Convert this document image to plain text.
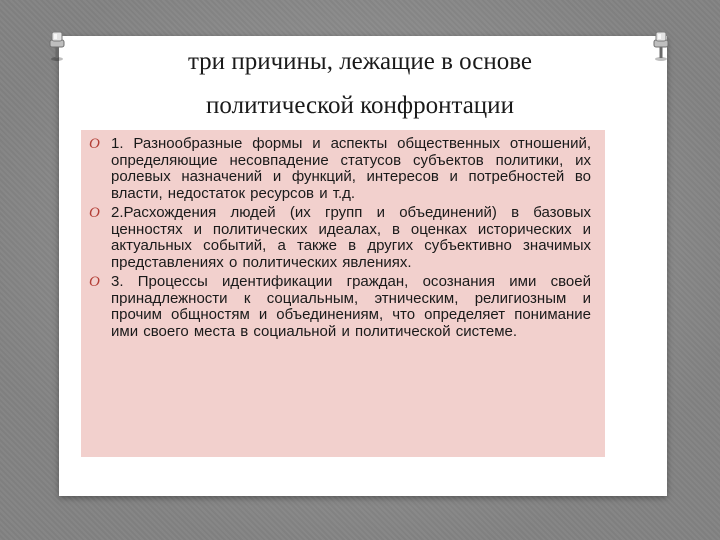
три причины, лежащие в основе
политической конфронтации
O 1. Разнообразные формы и аспекты общественных отношений, определяющие несовпадение статусов субъектов политики, их ролевых назначений и функций, интересов и потребностей во власти, недостаток ресурсов и т.д.
O 2.Расхождения людей (их групп и объединений) в базовых ценностях и политических идеалах, в оценках исторических и актуальных событий, а также в других субъективно значимых представлениях о политических явлениях.
O 3. Процессы идентификации граждан, осознания ими своей принадлежности к социальным, этническим, религиозным и прочим общностям и объединениям, что определяет понимание ими своего места в социальной и политической системе.
